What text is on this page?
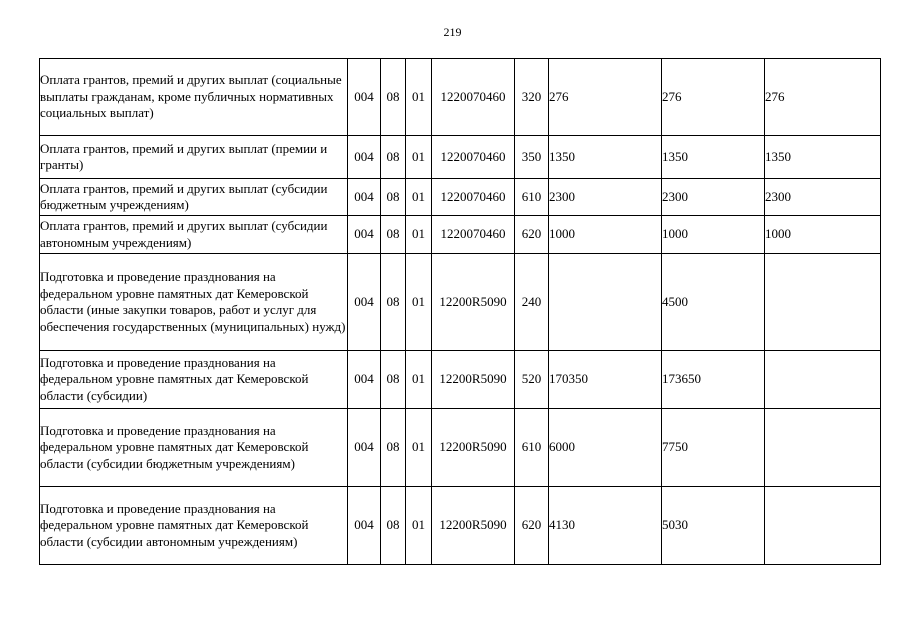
219
Оплата грантов, премий и других выплат (социальные выплаты гражданам, кроме публичных нормативных социальных выплат)	004	08	01	1220070460	320	276	276	276
Оплата грантов, премий и других выплат (премии и гранты)	004	08	01	1220070460	350	1350	1350	1350
Оплата грантов, премий и других выплат (субсидии бюджетным учреждениям)	004	08	01	1220070460	610	2300	2300	2300
Оплата грантов, премий и других выплат (субсидии автономным учреждениям)	004	08	01	1220070460	620	1000	1000	1000
Подготовка и проведение празднования на федеральном уровне памятных дат Кемеровской области (иные закупки товаров, работ и услуг для обеспечения государственных (муниципальных) нужд)	004	08	01	12200R5090	240		4500	
Подготовка и проведение празднования на федеральном уровне памятных дат Кемеровской области (субсидии)	004	08	01	12200R5090	520	170350	173650	
Подготовка и проведение празднования на федеральном уровне памятных дат Кемеровской области (субсидии бюджетным учреждениям)	004	08	01	12200R5090	610	6000	7750	
Подготовка и проведение празднования на федеральном уровне памятных дат Кемеровской области (субсидии автономным учреждениям)	004	08	01	12200R5090	620	4130	5030	
